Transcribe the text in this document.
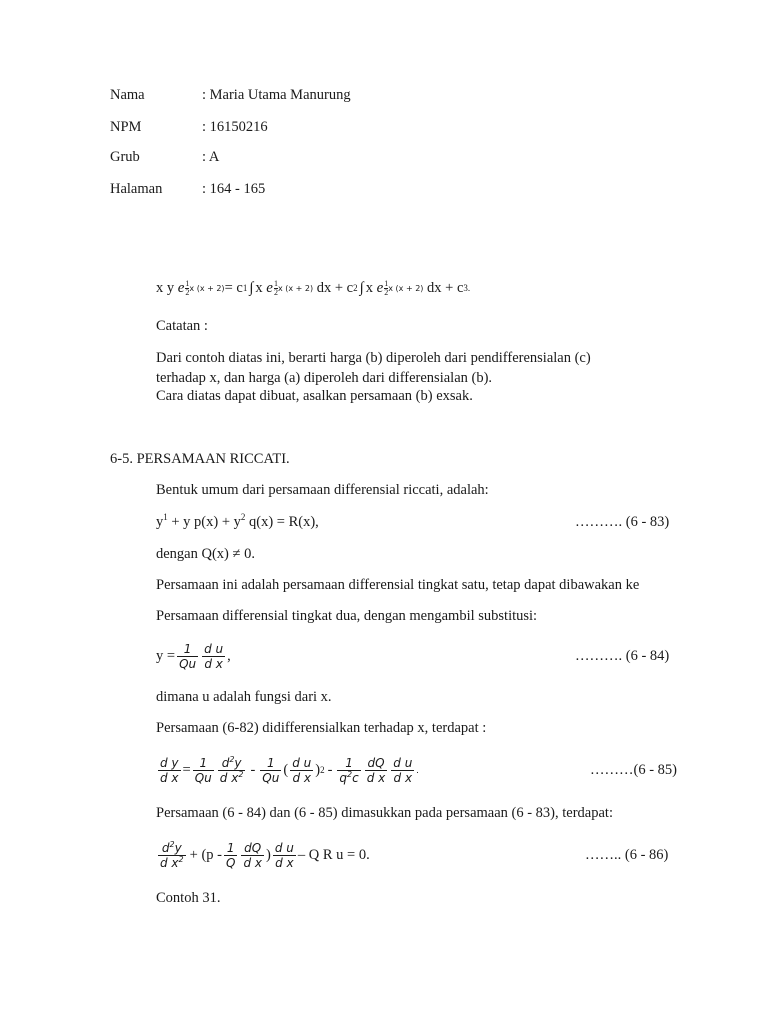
Nama	: Maria Utama Manurung
NPM	: 16150216
Grub	: A
Halaman	: 164 - 165
x y
e 1
2 x (x + 2) = c 1 ∫ x
e 1
2 x (x + 2)
dx + c 2 ∫ x
e 1
2 x (x + 2)
dx + c 3.
Catatan :
Dari contoh diatas ini, berarti harga (b) diperoleh dari pendifferensialan (c)
terhadap x, dan harga (a) diperoleh dari differensialan (b).
Cara diatas dapat dibuat, asalkan persamaan (b) exsak.
6-5. PERSAMAAN RICCATI.
Bentuk umum dari persamaan differensial riccati, adalah:
$y^1 + y$ $p(x) + y^2$ q(x) = R(x),	………. (6 - 83)
dengan Q(x) ≠ 0.
Persamaan ini adalah persamaan differensial tingkat satu, tetap dapat dibawakan ke
Persamaan differensial tingkat dua, dengan mengambil substitusi:
$y = \frac{1}{Qu} \frac{\text{d u}}{\text{d x}}$ ,	………. (6 - 84)
dimana u adalah fungsi dari x.
Persamaan (6-82) didifferensialkan terhadap x, terdapat :
$\frac{\text{d y}}{\text{d x}} = \frac{1}{Qu} \frac{d^2y}{d x^2} - \frac{1}{Qu}$ ( $\frac{\text{d u}}{\text{d x}}$ ) $2 - \frac{1}{q^2c} \frac{dQ}{\text{d x}} \frac{\text{d u}}{\text{d x}}$ .	………(6 - 85)
Persamaan (6 - 84) dan (6 - 85) dimasukkan pada persamaan (6 - 83), terdapat:
$\frac{d^2y}{d x^2} + (p - \frac{1}{Q} \frac{dQ}{\text{d x}}$ ) $\frac{\text{d u}}{\text{d x}}$ – Q R u = 0.	…….. (6 - 86)
Contoh 31.
